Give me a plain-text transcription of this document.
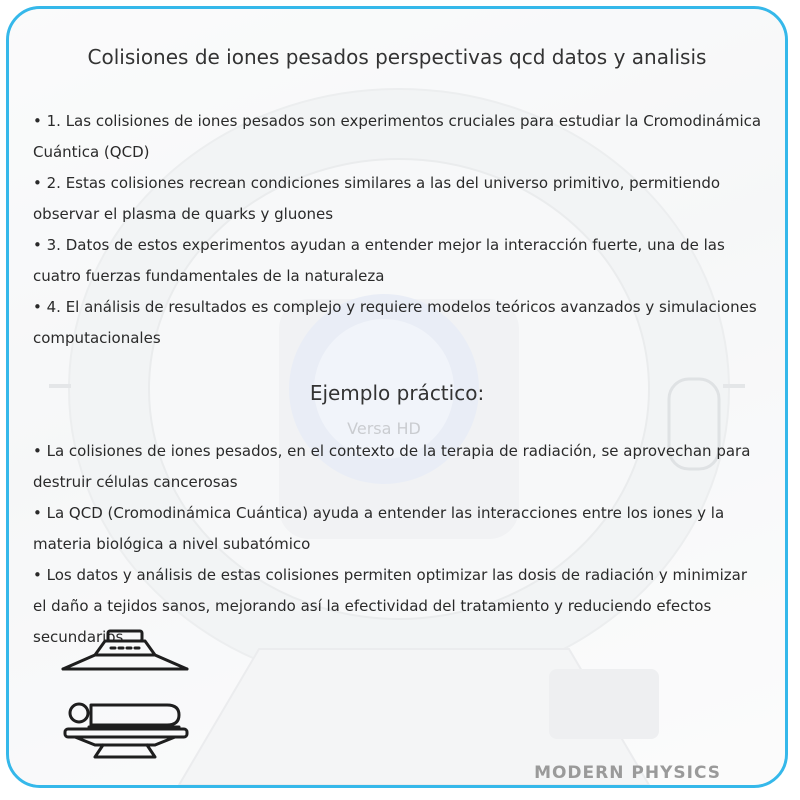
Colisiones de iones pesados perspectivas qcd datos y analisis

• 1. Las colisiones de iones pesados son experimentos cruciales para estudiar la Cromodinámica Cuántica (QCD)

• 2. Estas colisiones recrean condiciones similares a las del universo primitivo, permitiendo observar el plasma de quarks y gluones

• 3. Datos de estos experimentos ayudan a entender mejor la interacción fuerte, una de las cuatro fuerzas fundamentales de la naturaleza

• 4. El análisis de resultados es complejo y requiere modelos teóricos avanzados y simulaciones computacionales

Ejemplo práctico:

• La colisiones de iones pesados, en el contexto de la terapia de radiación, se aprovechan para destruir células cancerosas

• La QCD (Cromodinámica Cuántica) ayuda a entender las interacciones entre los iones y la materia biológica a nivel subatómico

• Los datos y análisis de estas colisiones permiten optimizar las dosis de radiación y minimizar el daño a tejidos sanos, mejorando así la efectividad del tratamiento y reduciendo efectos secundarios

MODERN PHYSICS
